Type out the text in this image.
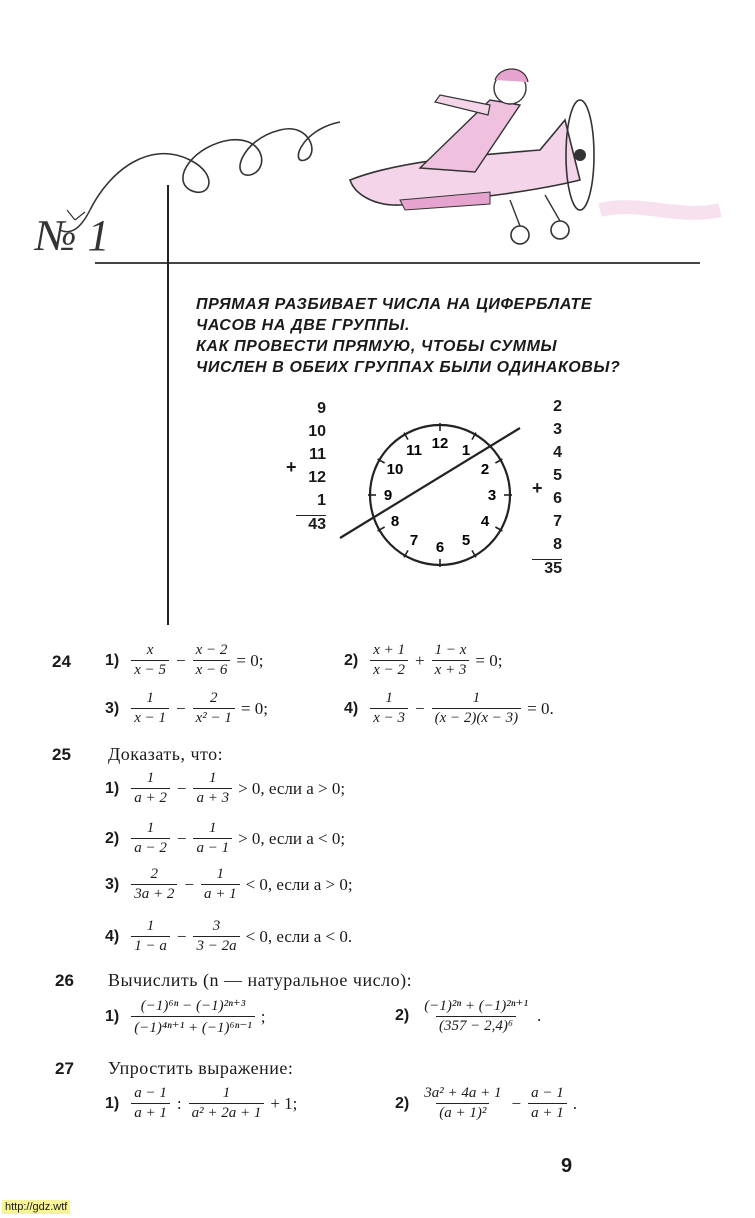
№ 1
ПРЯМАЯ РАЗБИВАЕТ ЧИСЛА НА ЦИФЕРБЛАТЕ
ЧАСОВ НА ДВЕ ГРУППЫ.
КАК ПРОВЕСТИ ПРЯМУЮ, ЧТОБЫ СУММЫ
ЧИСЛЕН В ОБЕИХ ГРУППАХ БЫЛИ ОДИНАКОВЫ?
9
10
11
12
1
43
+
2
3
4
5
6
7
8
35
+
12 1
2
3
4
5
6
7
8
9
10
11
24 $1) \frac{x}{x - 5} - \frac{x - 2}{x - 6} = 0$;	$2) \frac{x + 1}{x - 2} + \frac{1 - x}{x + 3} = 0$;
$3) \frac{1}{x - 1} - \frac{2}{\text{x² − 1}} = 0$;	$4) \frac{1}{x - 3} - \frac{1}{(x - 2)(x - 3)} = 0$.
25 Доказать, что:
$1) \frac{1}{a + 2} - \frac{1}{a + 3} > 0$, если a > 0;
$2) \frac{1}{a - 2} - \frac{1}{a - 1} > 0$, если a < 0;
$3) \frac{2}{3a + 2} - \frac{1}{a + 1} < 0$, если a > 0;
$4) \frac{1}{1 - a} - \frac{3}{3 - 2a} < 0$, если a < 0.
26 Вычислить (n — натуральное число):
$1) \frac{\text{(−1)⁶ⁿ − (−1)²ⁿ⁺³}}{\text{(−1)⁴ⁿ⁺¹ + (−1)⁶ⁿ⁻¹}}$ ;	$2) \frac{\text{(−1)²ⁿ + (−1)²ⁿ⁺¹}}{\text{(357 − 2,4)⁶}}$ .
27 Упростить выражение:
$1) \frac{a - 1}{a + 1}$ : $\frac{1}{\text{a² + 2a + 1}} + 1$;	$2) \frac{\text{3a² + 4a + 1}}{\text{(a + 1)²}} - \frac{a - 1}{a + 1}$ .
9
http://gdz.wtf
